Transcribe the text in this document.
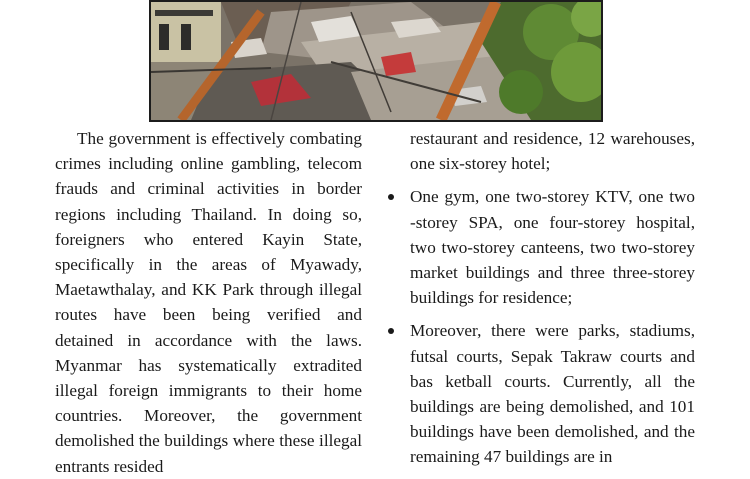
The government is effectively combating crimes including online gambling, telecom frauds and criminal activities in border regions including Thailand. In doing so, foreigners who entered Kayin State, specifically in the areas of Myawady, Maetawthalay, and KK Park through illegal routes have been being verified and detained in accordance with the laws. Myanmar has systematically extradited illegal foreign immigrants to their home countries. Moreover, the government demolished the buildings where these illegal entrants resided

restaurant and residence, 12 warehouses, one six-storey hotel;

One gym, one two-storey KTV, one two -storey SPA, one four-storey hospital, two two-storey canteens, two two-storey market buildings and three three-storey buildings for residence;
Moreover, there were parks, stadiums, futsal courts, Sepak Takraw courts and bas ketball courts. Currently, all the buildings are being demolished, and 101 buildings have been demolished, and the remaining 47 buildings are in
